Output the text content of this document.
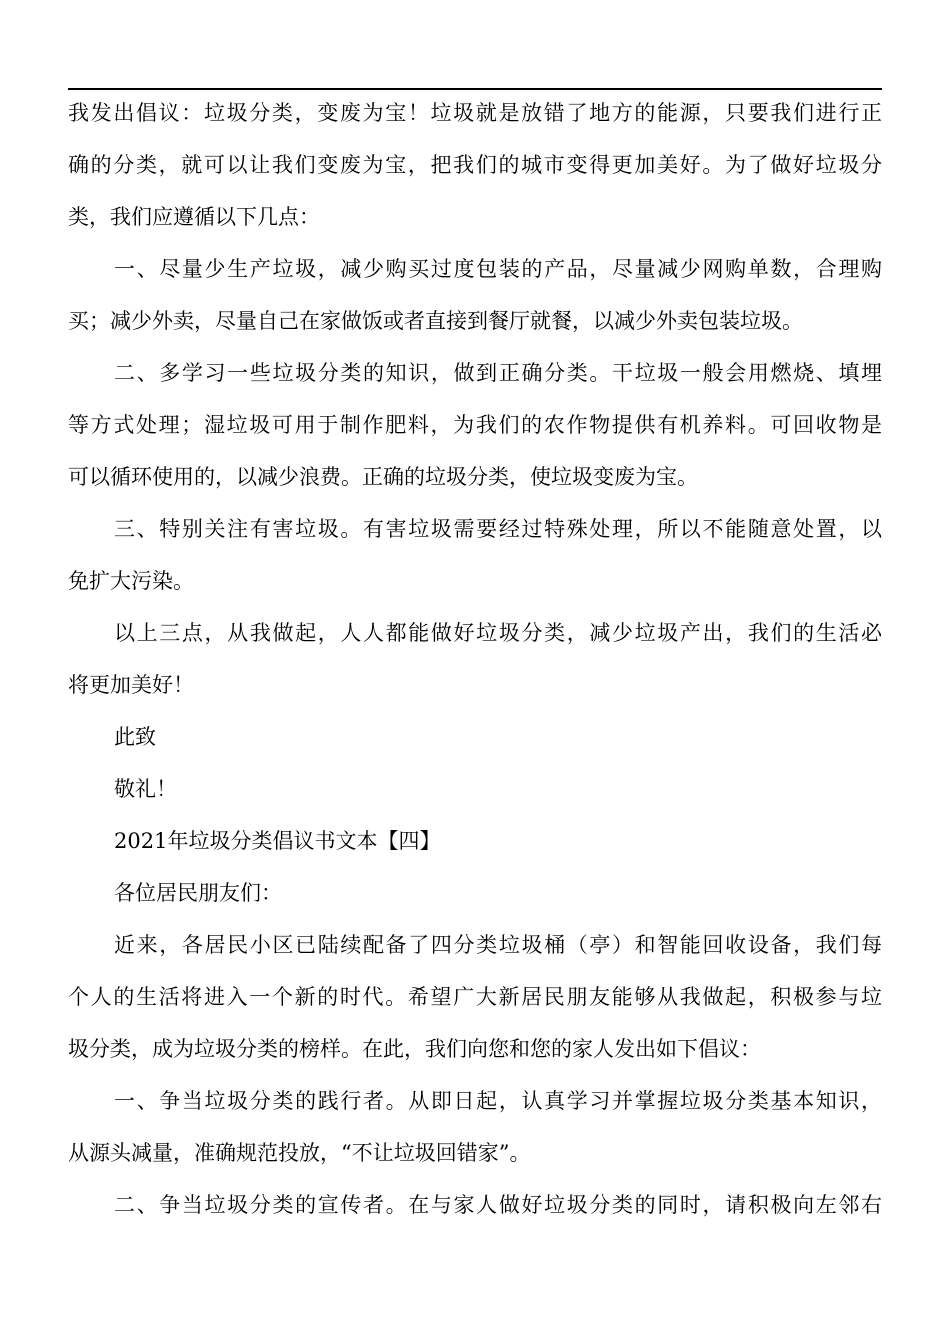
我发出倡议：垃圾分类，变废为宝！垃圾就是放错了地方的能源，只要我们进行正
确的分类，就可以让我们变废为宝，把我们的城市变得更加美好。为了做好垃圾分
类，我们应遵循以下几点：
一、尽量少生产垃圾，减少购买过度包装的产品，尽量减少网购单数，合理购
买；减少外卖，尽量自己在家做饭或者直接到餐厅就餐，以减少外卖包装垃圾。
二、多学习一些垃圾分类的知识，做到正确分类。干垃圾一般会用燃烧、填埋
等方式处理；湿垃圾可用于制作肥料，为我们的农作物提供有机养料。可回收物是
可以循环使用的，以减少浪费。正确的垃圾分类，使垃圾变废为宝。
三、特别关注有害垃圾。有害垃圾需要经过特殊处理，所以不能随意处置，以
免扩大污染。
以上三点，从我做起，人人都能做好垃圾分类，减少垃圾产出，我们的生活必
将更加美好！
此致
敬礼！
2021年垃圾分类倡议书文本【四】
各位居民朋友们：
近来，各居民小区已陆续配备了四分类垃圾桶（亭）和智能回收设备，我们每
个人的生活将进入一个新的时代。希望广大新居民朋友能够从我做起，积极参与垃
圾分类，成为垃圾分类的榜样。在此，我们向您和您的家人发出如下倡议：
一、争当垃圾分类的践行者。从即日起，认真学习并掌握垃圾分类基本知识，
从源头减量，准确规范投放，“不让垃圾回错家”。
二、争当垃圾分类的宣传者。在与家人做好垃圾分类的同时，请积极向左邻右
